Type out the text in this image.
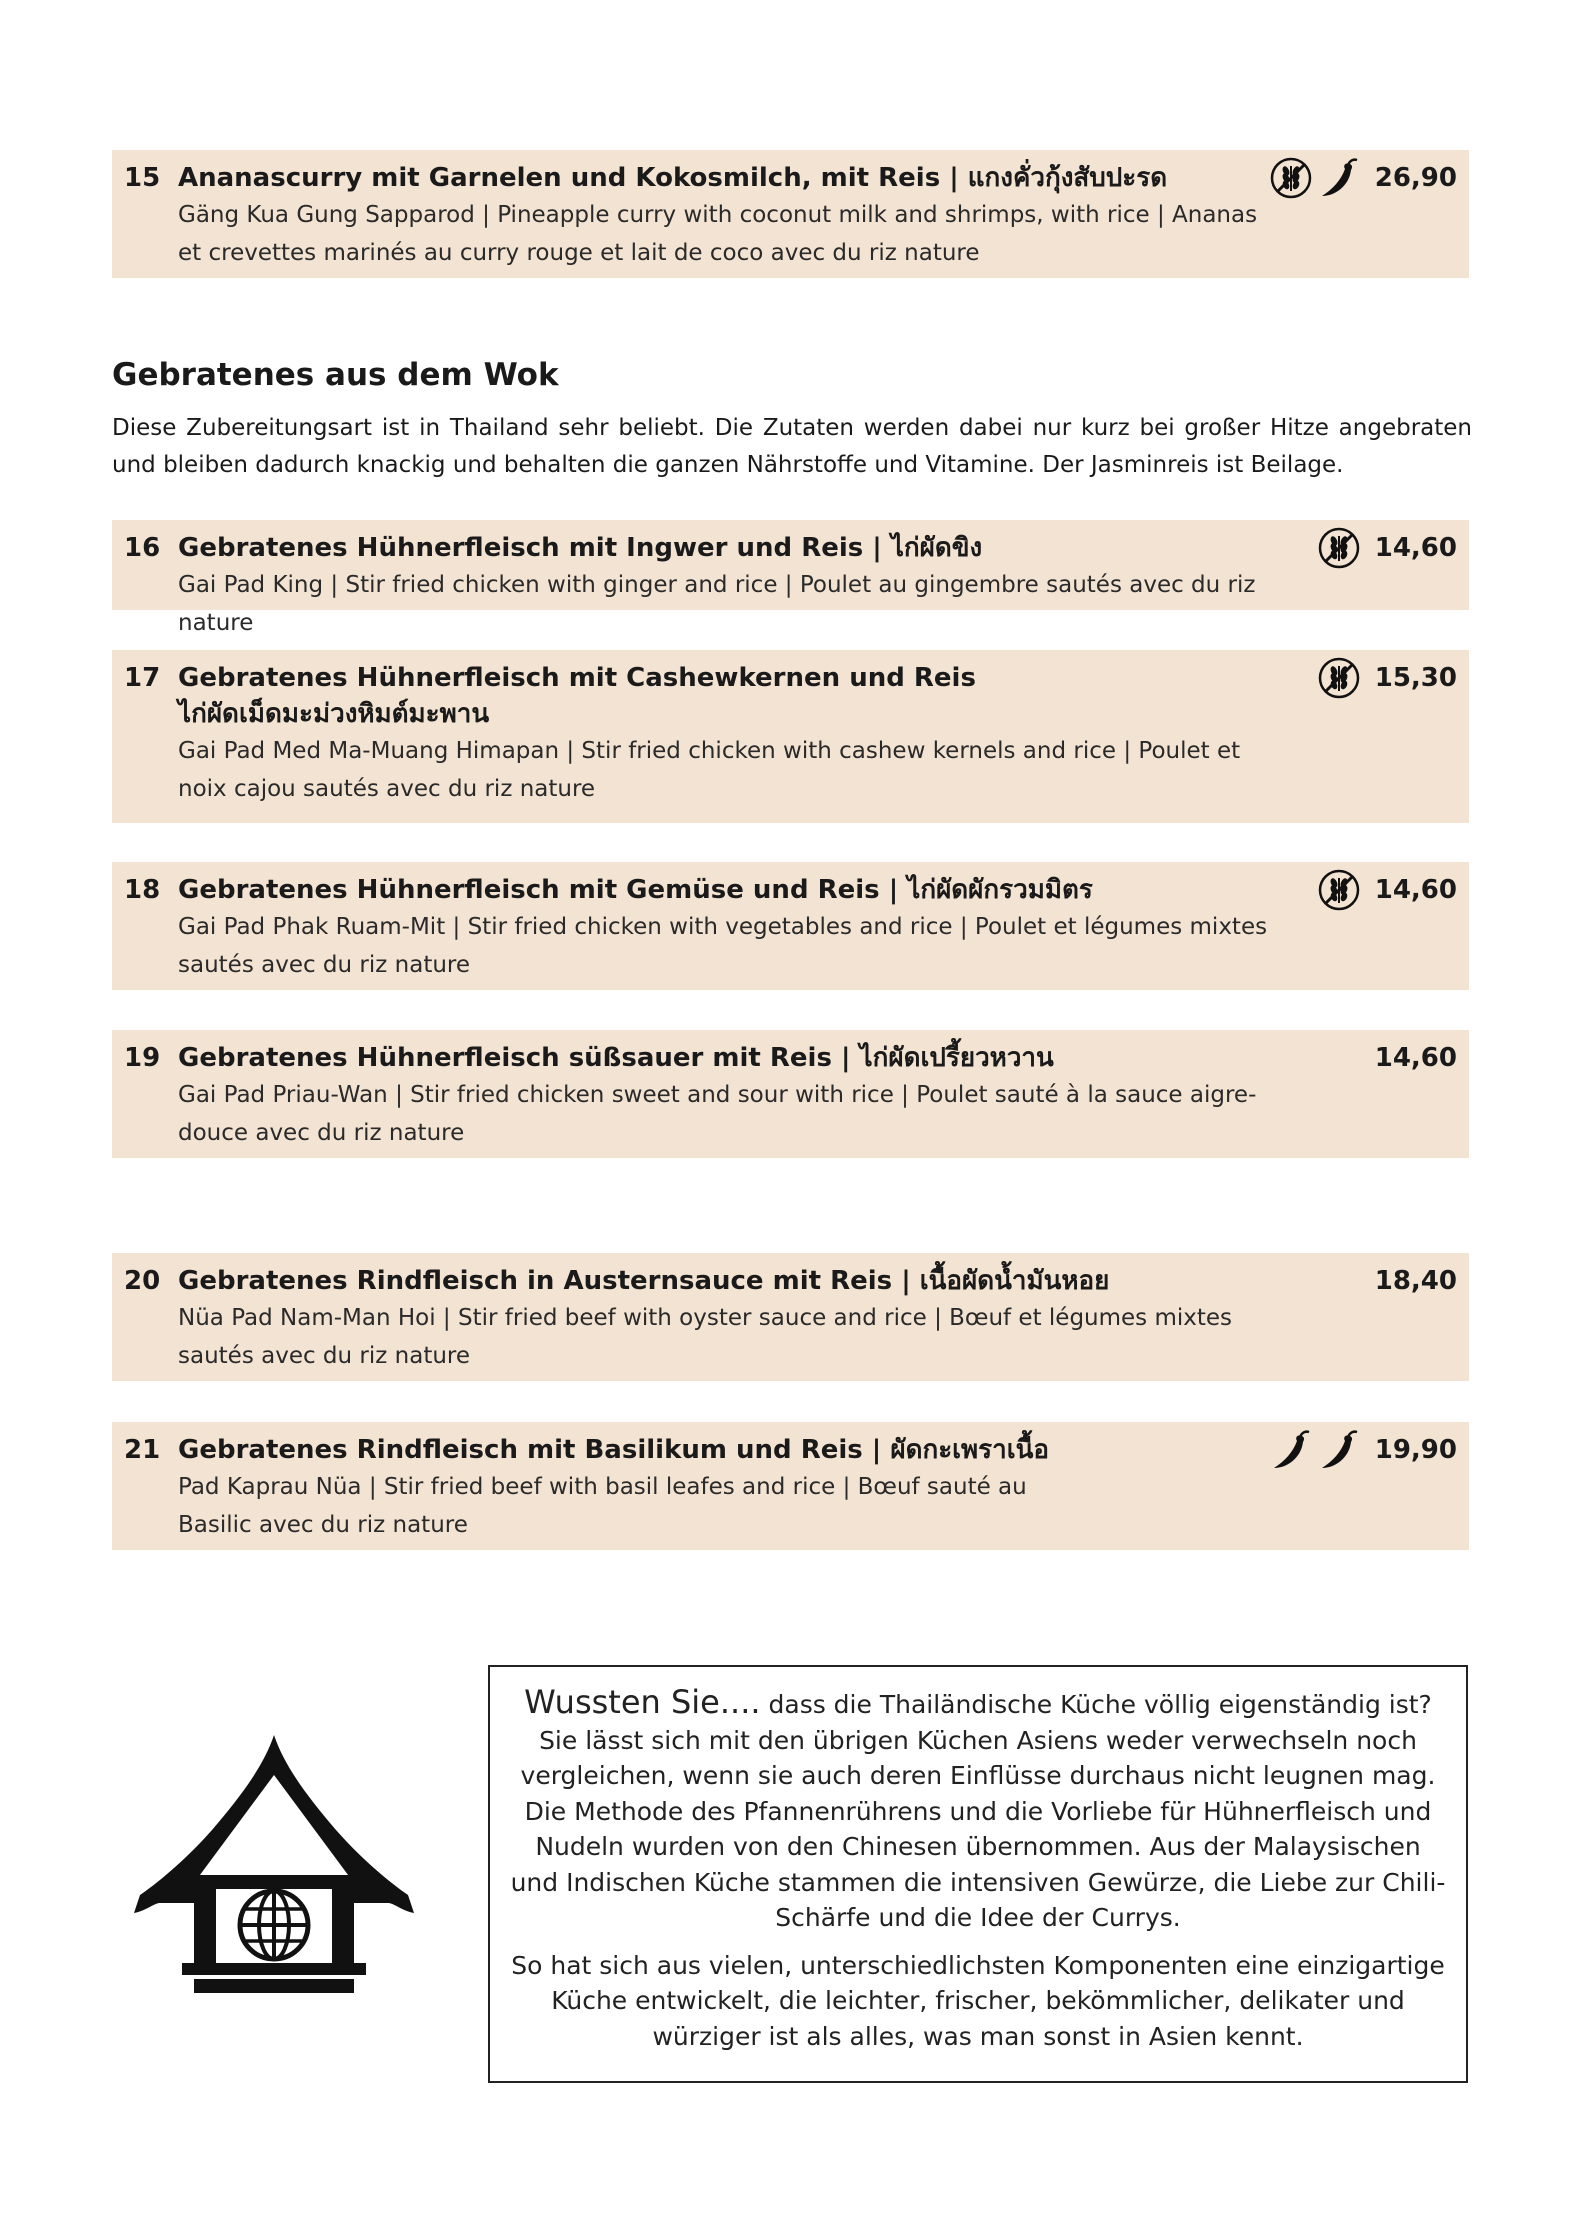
15 Ananascurry mit Garnelen und Kokosmilch, mit Reis | แกงคั่วกุ้งสับปะรด
Gäng Kua Gung Sapparod | Pineapple curry with coconut milk and shrimps, with rice | Ananas et crevettes marinés au curry rouge et lait de coco avec du riz nature
26,90
Gebratenes aus dem Wok
Diese Zubereitungsart ist in Thailand sehr beliebt. Die Zutaten werden dabei nur kurz bei großer Hitze angebraten und bleiben dadurch knackig und behalten die ganzen Nährstoffe und Vitamine. Der Jasminreis ist Beilage.
16 Gebratenes Hühnerfleisch mit Ingwer und Reis | ไก่ผัดขิง
Gai Pad King | Stir fried chicken with ginger and rice | Poulet au gingembre sautés avec du riz nature
14,60
17 Gebratenes Hühnerfleisch mit Cashewkernen und Reis
ไก่ผัดเม็ดมะม่วงหิมต์มะพาน
Gai Pad Med Ma-Muang Himapan | Stir fried chicken with cashew kernels and rice | Poulet et noix cajou sautés avec du riz nature
15,30
18 Gebratenes Hühnerfleisch mit Gemüse und Reis | ไก่ผัดผักรวมมิตร
Gai Pad Phak Ruam-Mit | Stir fried chicken with vegetables and rice | Poulet et légumes mixtes sautés avec du riz nature
14,60
19 Gebratenes Hühnerfleisch süßsauer mit Reis | ไก่ผัดเปรี้ยวหวาน
Gai Pad Priau-Wan | Stir fried chicken sweet and sour with rice | Poulet sauté à la sauce aigre-douce avec du riz nature
14,60
20 Gebratenes Rindfleisch in Austernsauce mit Reis | เนื้อผัดน้ำมันหอย
Nüa Pad Nam-Man Hoi | Stir fried beef with oyster sauce and rice | Bœuf et légumes mixtes sautés avec du riz nature
18,40
21 Gebratenes Rindfleisch mit Basilikum und Reis | ผัดกะเพราเนื้อ
Pad Kaprau Nüa | Stir fried beef with basil leafes and rice | Bœuf sauté au Basilic avec du riz nature
19,90

Wussten Sie.... dass die Thailändische Küche völlig eigenständig ist? Sie lässt sich mit den übrigen Küchen Asiens weder verwechseln noch vergleichen, wenn sie auch deren Einflüsse durchaus nicht leugnen mag. Die Methode des Pfannenrührens und die Vorliebe für Hühnerfleisch und Nudeln wurden von den Chinesen übernommen. Aus der Malaysischen und Indischen Küche stammen die intensiven Gewürze, die Liebe zur Chili-Schärfe und die Idee der Currys.

So hat sich aus vielen, unterschiedlichsten Komponenten eine einzigartige Küche entwickelt, die leichter, frischer, bekömmlicher, delikater und würziger ist als alles, was man sonst in Asien kennt.
